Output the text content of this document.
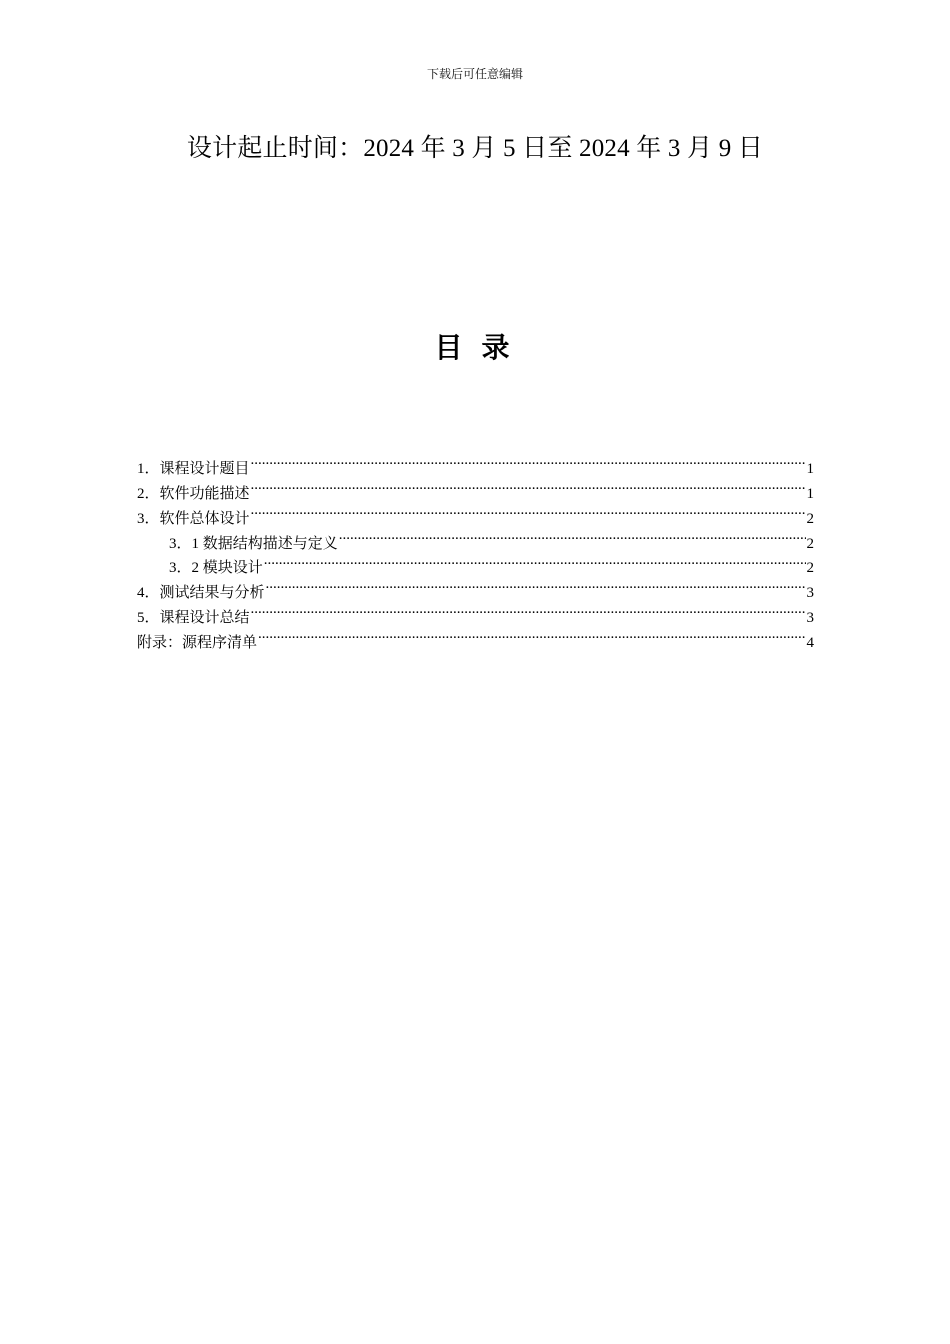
下载后可任意编辑
设计起止时间：2024 年 3 月 5 日至 2024 年 3 月 9 日
目 录
1．课程设计题目 .....	1
2．软件功能描述 .....	1
3．软件总体设计 .....	2
3．1 数据结构描述与定义 .....	2
3．2 模块设计 .....	2
4．测试结果与分析 .....	3
5．课程设计总结 .....	3
附录：源程序清单 .....	4
